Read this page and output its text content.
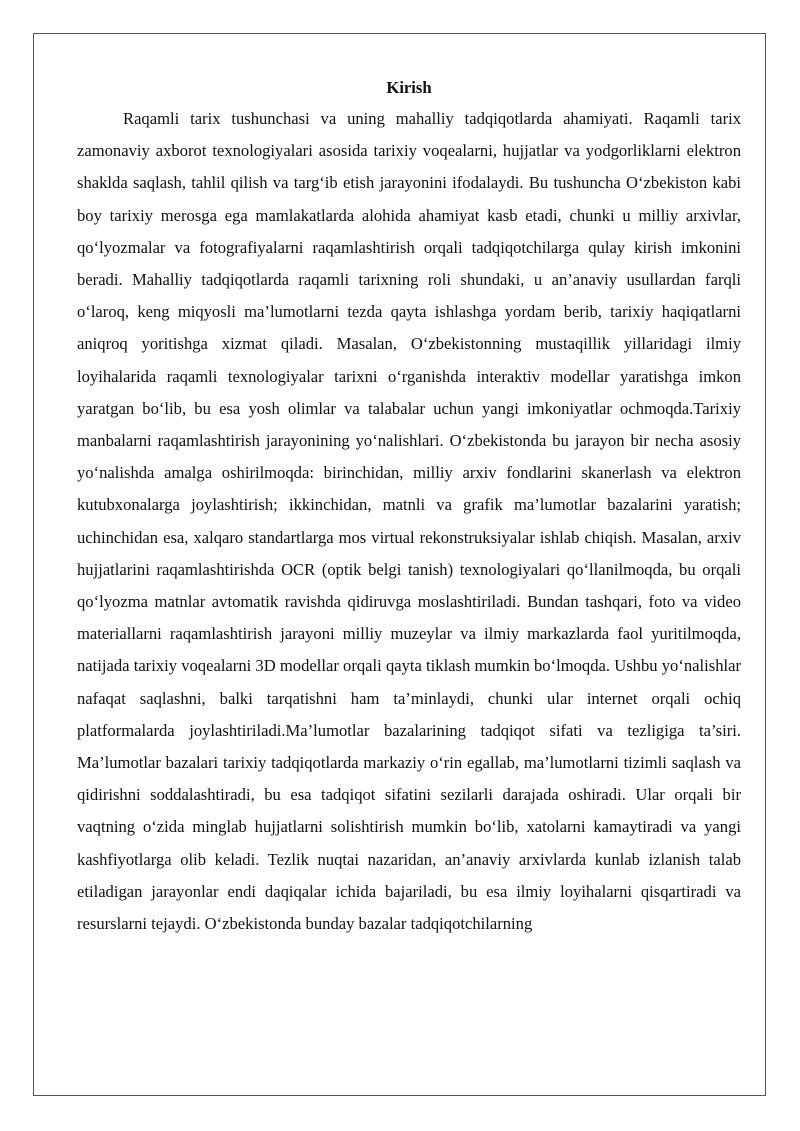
Kirish

Raqamli tarix tushunchasi va uning mahalliy tadqiqotlarda ahamiyati. Raqamli tarix zamonaviy axborot texnologiyalari asosida tarixiy voqealarni, hujjatlar va yodgorliklarni elektron shaklda saqlash, tahlil qilish va targ‘ib etish jarayonini ifodalaydi. Bu tushuncha O‘zbekiston kabi boy tarixiy merosga ega mamlakatlarda alohida ahamiyat kasb etadi, chunki u milliy arxivlar, qo‘lyozmalar va fotografiyalarni raqamlashtirish orqali tadqiqotchilarga qulay kirish imkonini beradi. Mahalliy tadqiqotlarda raqamli tarixning roli shundaki, u an’anaviy usullardan farqli o‘laroq, keng miqyosli ma’lumotlarni tezda qayta ishlashga yordam berib, tarixiy haqiqatlarni aniqroq yoritishga xizmat qiladi. Masalan, O‘zbekistonning mustaqillik yillaridagi ilmiy loyihalarida raqamli texnologiyalar tarixni o‘rganishda interaktiv modellar yaratishga imkon yaratgan bo‘lib, bu esa yosh olimlar va talabalar uchun yangi imkoniyatlar ochmoqda.Tarixiy manbalarni raqamlashtirish jarayonining yo‘nalishlari. O‘zbekistonda bu jarayon bir necha asosiy yo‘nalishda amalga oshirilmoqda: birinchidan, milliy arxiv fondlarini skanerlash va elektron kutubxonalarga joylashtirish; ikkinchidan, matnli va grafik ma’lumotlar bazalarini yaratish; uchinchidan esa, xalqaro standartlarga mos virtual rekonstruksiyalar ishlab chiqish. Masalan, arxiv hujjatlarini raqamlashtirishda OCR (optik belgi tanish) texnologiyalari qo‘llanilmoqda, bu orqali qo‘lyozma matnlar avtomatik ravishda qidiruvga moslashtiriladi. Bundan tashqari, foto va video materiallarni raqamlashtirish jarayoni milliy muzeylar va ilmiy markazlarda faol yuritilmoqda, natijada tarixiy voqealarni 3D modellar orqali qayta tiklash mumkin bo‘lmoqda. Ushbu yo‘nalishlar nafaqat saqlashni, balki tarqatishni ham ta’minlaydi, chunki ular internet orqali ochiq platformalarda joylashtiriladi.Ma’lumotlar bazalarining tadqiqot sifati va tezligiga ta’siri. Ma’lumotlar bazalari tarixiy tadqiqotlarda markaziy o‘rin egallab, ma’lumotlarni tizimli saqlash va qidirishni soddalashtiradi, bu esa tadqiqot sifatini sezilarli darajada oshiradi. Ular orqali bir vaqtning o‘zida minglab hujjatlarni solishtirish mumkin bo‘lib, xatolarni kamaytiradi va yangi kashfiyotlarga olib keladi. Tezlik nuqtai nazaridan, an’anaviy arxivlarda kunlab izlanish talab etiladigan jarayonlar endi daqiqalar ichida bajariladi, bu esa ilmiy loyihalarni qisqartiradi va resurslarni tejaydi. O‘zbekistonda bunday bazalar tadqiqotchilarning
